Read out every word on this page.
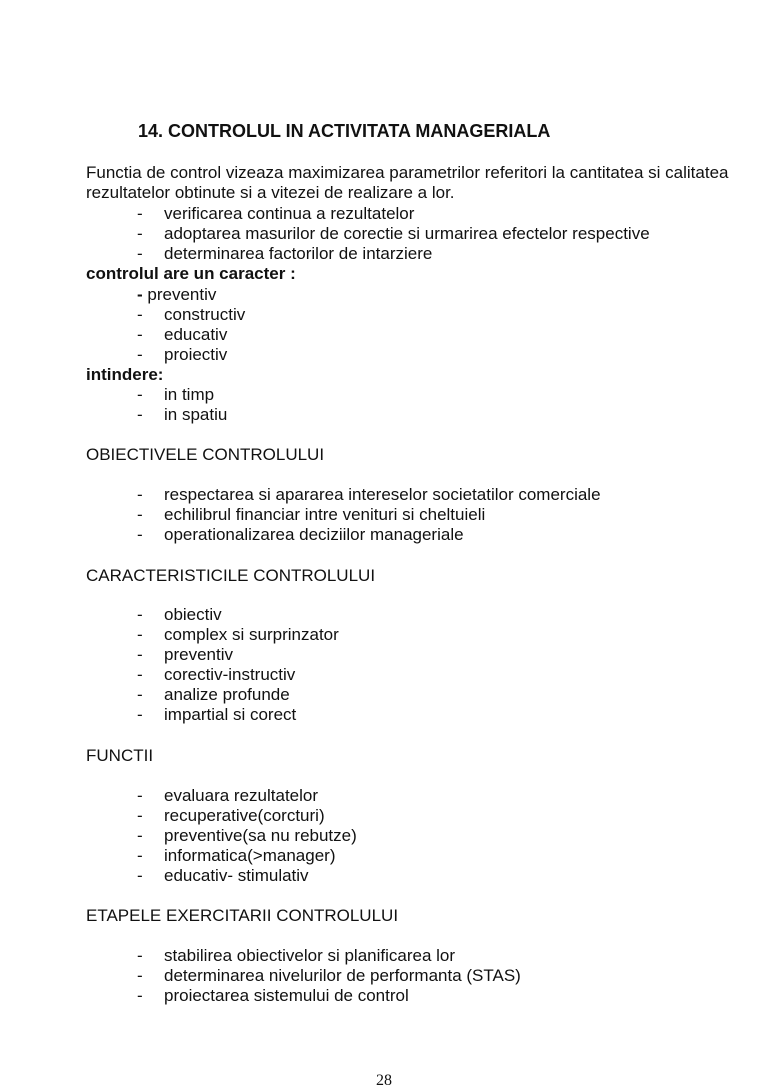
14. CONTROLUL IN ACTIVITATA MANAGERIALA

Functia de control vizeaza maximizarea parametrilor referitori la cantitatea si calitatea rezultatelor obtinute si a vitezei de realizare a lor.

- verificarea continua a rezultatelor
- adoptarea masurilor de corectie si urmarirea efectelor respective
- determinarea factorilor de intarziere
controlul are un caracter :
- preventiv
- constructiv
- educativ
- proiectiv
intindere:
- in timp
- in spatiu
OBIECTIVELE CONTROLULUI
- respectarea si apararea intereselor societatilor comerciale
- echilibrul financiar intre venituri si cheltuieli
- operationalizarea deciziilor manageriale
CARACTERISTICILE CONTROLULUI
- obiectiv
- complex si surprinzator
- preventiv
- corectiv-instructiv
- analize profunde
- impartial si corect
FUNCTII
- evaluara rezultatelor
- recuperative(corcturi)
- preventive(sa nu rebutze)
- informatica(>manager)
- educativ- stimulativ
ETAPELE EXERCITARII CONTROLULUI
- stabilirea obiectivelor si planificarea lor
- determinarea nivelurilor de performanta (STAS)
- proiectarea sistemului de control
28
